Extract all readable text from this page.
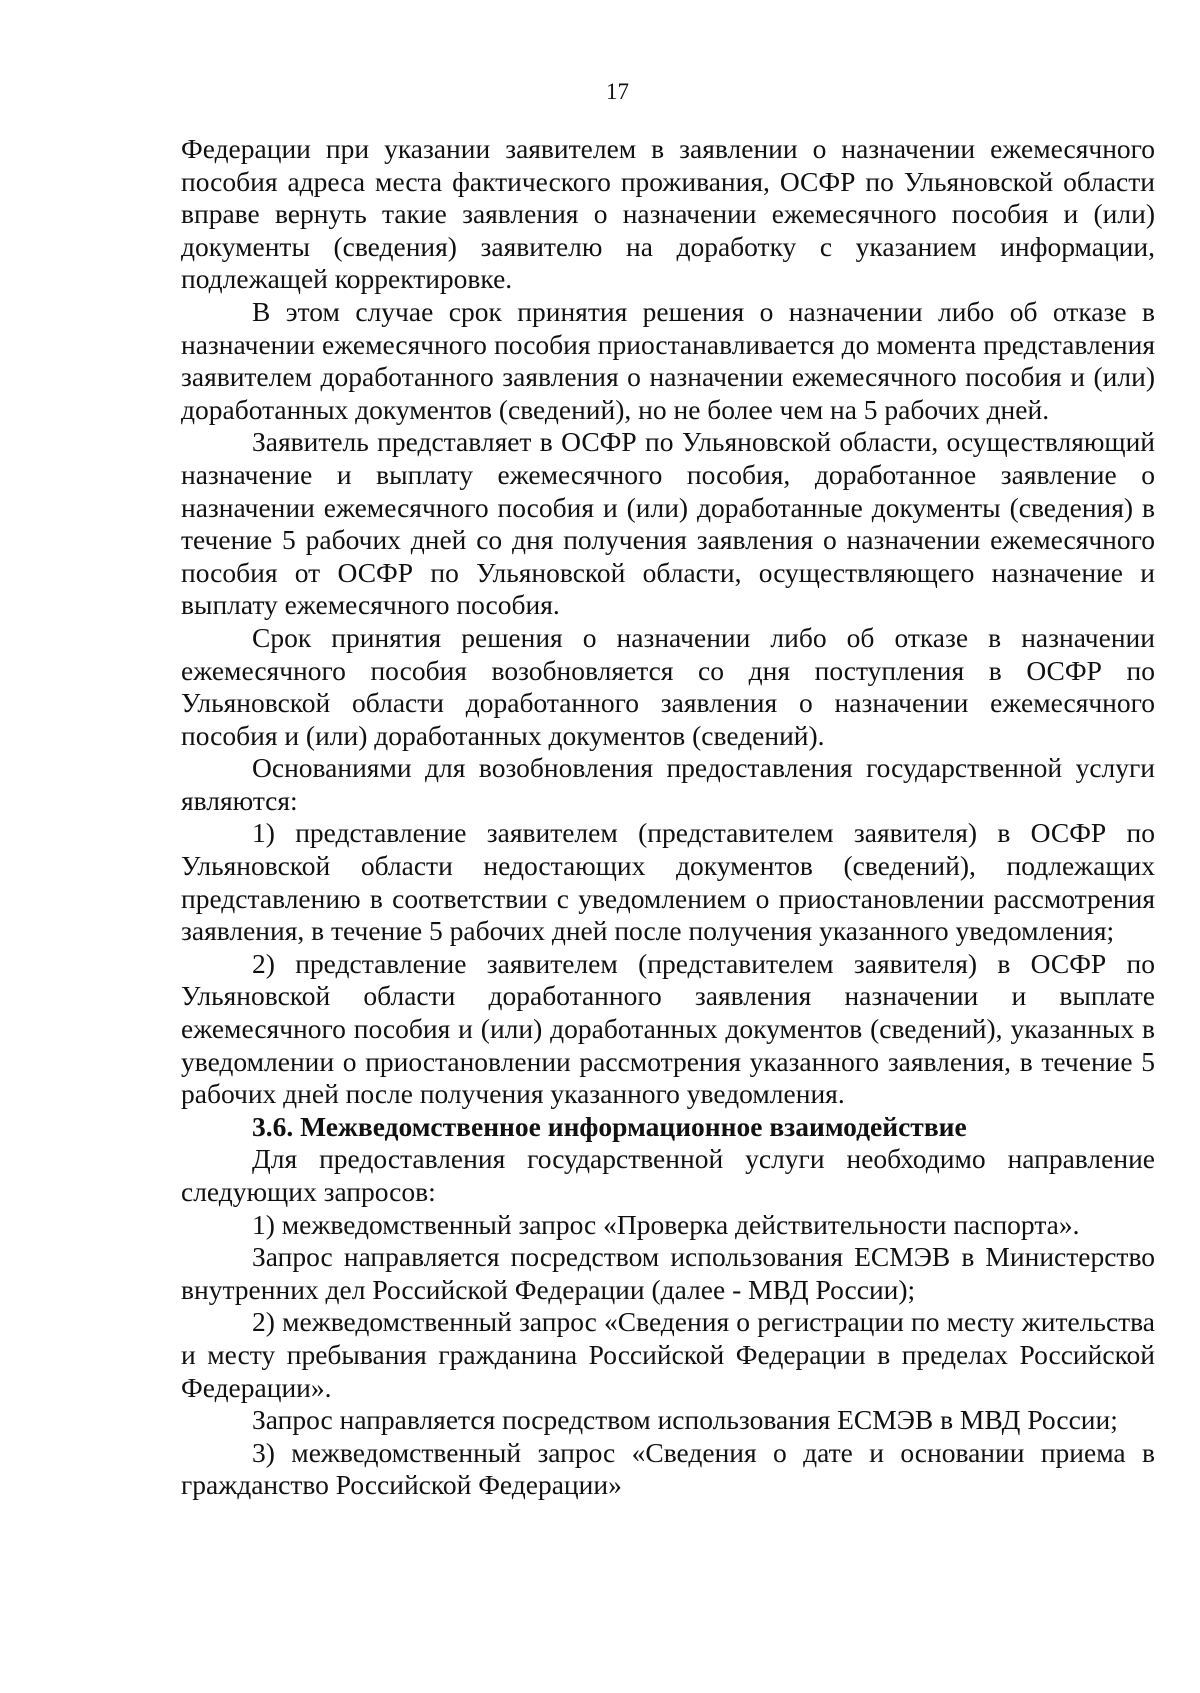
17

Федерации при указании заявителем в заявлении о назначении ежемесячного пособия адреса места фактического проживания, ОСФР по Ульяновской области вправе вернуть такие заявления о назначении ежемесячного пособия и (или) документы (сведения) заявителю на доработку с указанием информации, подлежащей корректировке.

В этом случае срок принятия решения о назначении либо об отказе в назначении ежемесячного пособия приостанавливается до момента представления заявителем доработанного заявления о назначении ежемесячного пособия и (или) доработанных документов (сведений), но не более чем на 5 рабочих дней.

Заявитель представляет в ОСФР по Ульяновской области, осуществляющий назначение и выплату ежемесячного пособия, доработанное заявление о назначении ежемесячного пособия и (или) доработанные документы (сведения) в течение 5 рабочих дней со дня получения заявления о назначении ежемесячного пособия от ОСФР по Ульяновской области, осуществляющего назначение и выплату ежемесячного пособия.

Срок принятия решения о назначении либо об отказе в назначении ежемесячного пособия возобновляется со дня поступления в ОСФР по Ульяновской области доработанного заявления о назначении ежемесячного пособия и (или) доработанных документов (сведений).

Основаниями для возобновления предоставления государственной услуги являются:

1) представление заявителем (представителем заявителя) в ОСФР по Ульяновской области недостающих документов (сведений), подлежащих представлению в соответствии с уведомлением о приостановлении рассмотрения заявления, в течение 5 рабочих дней после получения указанного уведомления;

2) представление заявителем (представителем заявителя) в ОСФР по Ульяновской области доработанного заявления назначении и выплате ежемесячного пособия и (или) доработанных документов (сведений), указанных в уведомлении о приостановлении рассмотрения указанного заявления, в течение 5 рабочих дней после получения указанного уведомления.

3.6. Межведомственное информационное взаимодействие

Для предоставления государственной услуги необходимо направление следующих запросов:

1) межведомственный запрос «Проверка действительности паспорта».

Запрос направляется посредством использования ЕСМЭВ в Министерство внутренних дел Российской Федерации (далее - МВД России);

2) межведомственный запрос «Сведения о регистрации по месту жительства и месту пребывания гражданина Российской Федерации в пределах Российской Федерации».

Запрос направляется посредством использования ЕСМЭВ в МВД России;

3) межведомственный запрос «Сведения о дате и основании приема в гражданство Российской Федерации»
